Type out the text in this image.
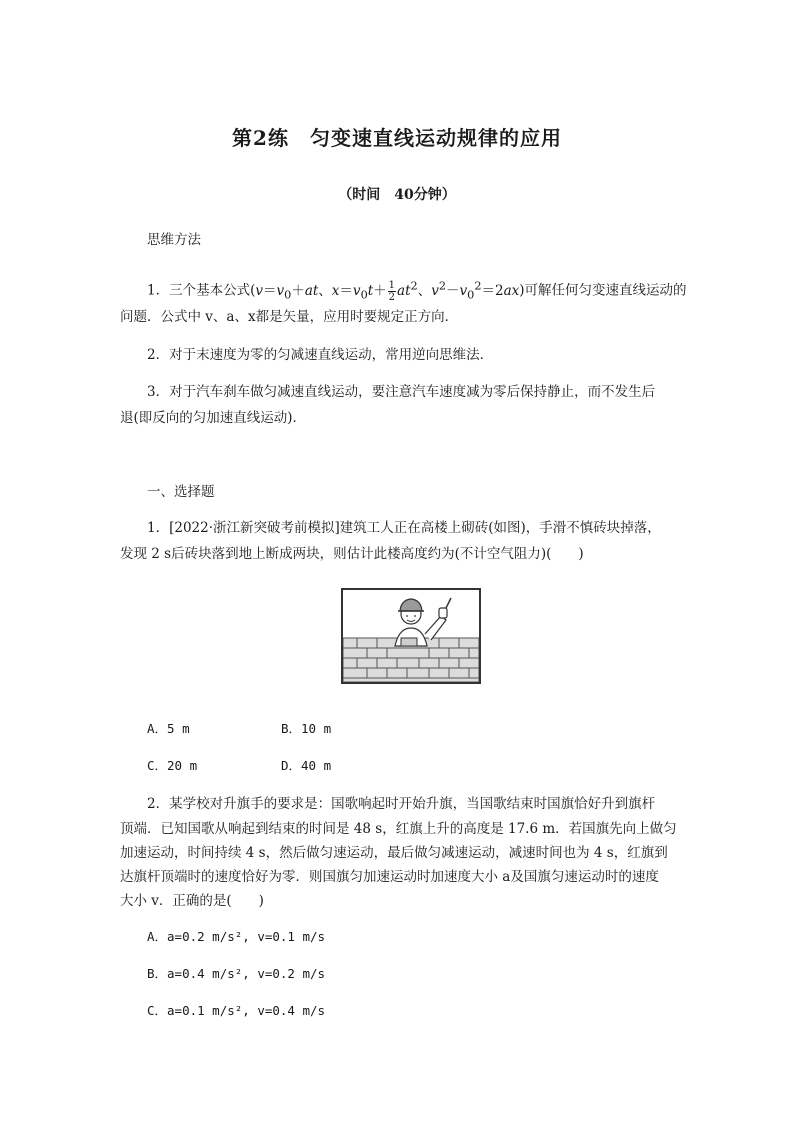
第2练　匀变速直线运动规律的应用
（时间　40分钟）
思维方法
1．三个基本公式($v=v_0+at$、$x=v_0t+ \frac{1}{2} at^2$、$v^2-v_0^2=2ax$)可解任何匀变速直线运动的
问题．公式中 v、a、x都是矢量，应用时要规定正方向．
2．对于末速度为零的匀减速直线运动，常用逆向思维法．
3．对于汽车刹车做匀减速直线运动，要注意汽车速度减为零后保持静止，而不发生后
退(即反向的匀加速直线运动)．
一、选择题
1．[2022·浙江新突破考前模拟]建筑工人正在高楼上砌砖(如图)，手滑不慎砖块掉落，
发现 2 s后砖块落到地上断成两块，则估计此楼高度约为(不计空气阻力)(　　)
A．5 m	B．10 m
C．20 m	D．40 m
2．某学校对升旗手的要求是：国歌响起时开始升旗，当国歌结束时国旗恰好升到旗杆
顶端．已知国歌从响起到结束的时间是 48 s，红旗上升的高度是 17.6 m．若国旗先向上做匀
加速运动，时间持续 4 s，然后做匀速运动，最后做匀减速运动，减速时间也为 4 s，红旗到
达旗杆顶端时的速度恰好为零．则国旗匀加速运动时加速度大小 a及国旗匀速运动时的速度
大小 v．正确的是(　　)
A．a=0.2 m/s², v=0.1 m/s
B．a=0.4 m/s², v=0.2 m/s
C．a=0.1 m/s², v=0.4 m/s
